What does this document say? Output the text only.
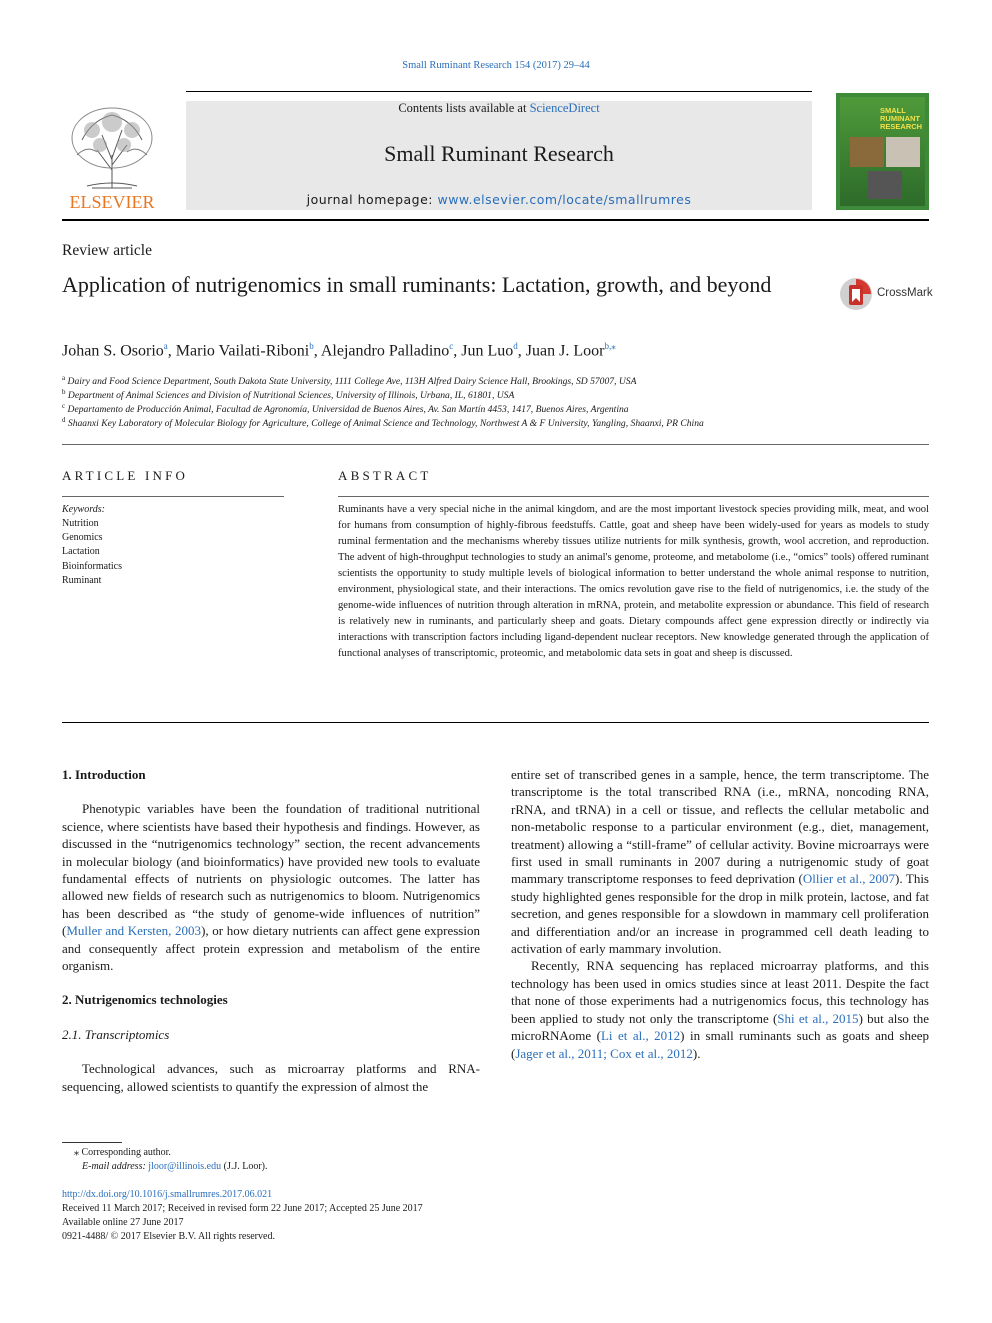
Small Ruminant Research 154 (2017) 29–44
ELSEVIER
Contents lists available at ScienceDirect
Small Ruminant Research
journal homepage: www.elsevier.com/locate/smallrumres
SMALL RUMINANT RESEARCH
Review article
Application of nutrigenomics in small ruminants: Lactation, growth, and beyond	CrossMark
Johan S. Osorio$^a$, Mario Vailati-Riboni$^b$, Alejandro Palladino$^c$, Jun Luo$^d$, Juan J. Loor$^{b,⁎}$
$^a$ Dairy and Food Science Department, South Dakota State University, 1111 College Ave, 113H Alfred Dairy Science Hall, Brookings, SD 57007, USA
$^b$ Department of Animal Sciences and Division of Nutritional Sciences, University of Illinois, Urbana, IL, 61801, USA
$^c$ Departamento de Producción Animal, Facultad de Agronomía, Universidad de Buenos Aires, Av. San Martín 4453, 1417, Buenos Aires, Argentina
$^d$ Shaanxi Key Laboratory of Molecular Biology for Agriculture, College of Animal Science and Technology, Northwest A & F University, Yangling, Shaanxi, PR China
ARTICLE INFO
Keywords:
Nutrition
Genomics
Lactation
Bioinformatics
Ruminant
ABSTRACT
Ruminants have a very special niche in the animal kingdom, and are the most important livestock species providing milk, meat, and wool for humans from consumption of highly-fibrous feedstuffs. Cattle, goat and sheep have been widely-used for years as models to study ruminal fermentation and the mechanisms whereby tissues utilize nutrients for milk synthesis, growth, wool accretion, and reproduction. The advent of high-throughput technologies to study an animal's genome, proteome, and metabolome (i.e., “omics” tools) offered ruminant scientists the opportunity to study multiple levels of biological information to better understand the whole animal response to nutrition, environment, physiological state, and their interactions. The omics revolution gave rise to the field of nutrigenomics, i.e. the study of the genome-wide influences of nutrition through alteration in mRNA, protein, and metabolite expression or abundance. This field of research is relatively new in ruminants, and particularly sheep and goats. Dietary compounds affect gene expression directly or indirectly via interactions with transcription factors including ligand-dependent nuclear receptors. New knowledge generated through the application of functional analyses of transcriptomic, proteomic, and metabolomic data sets in goat and sheep is discussed.
1. Introduction

Phenotypic variables have been the foundation of traditional nutritional science, where scientists have based their hypothesis and findings. However, as discussed in the “nutrigenomics technology” section, the recent advancements in molecular biology (and bioinformatics) have provided new tools to evaluate fundamental effects of nutrients on physiologic outcomes. The latter has allowed new fields of research such as nutrigenomics to bloom. Nutrigenomics has been described as “the study of genome-wide influences of nutrition” (Muller and Kersten, 2003), or how dietary nutrients can affect gene expression and consequently affect protein expression and metabolism of the entire organism.

2. Nutrigenomics technologies
2.1. Transcriptomics

Technological advances, such as microarray platforms and RNA-sequencing, allowed scientists to quantify the expression of almost the

entire set of transcribed genes in a sample, hence, the term transcriptome. The transcriptome is the total transcribed RNA (i.e., mRNA, noncoding RNA, rRNA, and tRNA) in a cell or tissue, and reflects the cellular metabolic and non-metabolic response to a particular environment (e.g., diet, management, treatment) allowing a “still-frame” of cellular activity. Bovine microarrays were first used in small ruminants in 2007 during a nutrigenomic study of goat mammary transcriptome responses to feed deprivation (Ollier et al., 2007). This study highlighted genes responsible for the drop in milk protein, lactose, and fat secretion, and genes responsible for a slowdown in mammary cell proliferation and differentiation and/or an increase in programmed cell death leading to activation of early mammary involution.

Recently, RNA sequencing has replaced microarray platforms, and this technology has been used in omics studies since at least 2011. Despite the fact that none of those experiments had a nutrigenomics focus, this technology has been applied to study not only the transcriptome (Shi et al., 2015) but also the microRNAome (Li et al., 2012) in small ruminants such as goats and sheep (Jager et al., 2011; Cox et al., 2012).

⁎ Corresponding author.
E-mail address: jloor@illinois.edu (J.J. Loor).
http://dx.doi.org/10.1016/j.smallrumres.2017.06.021
Received 11 March 2017; Received in revised form 22 June 2017; Accepted 25 June 2017
Available online 27 June 2017
0921-4488/ © 2017 Elsevier B.V. All rights reserved.
